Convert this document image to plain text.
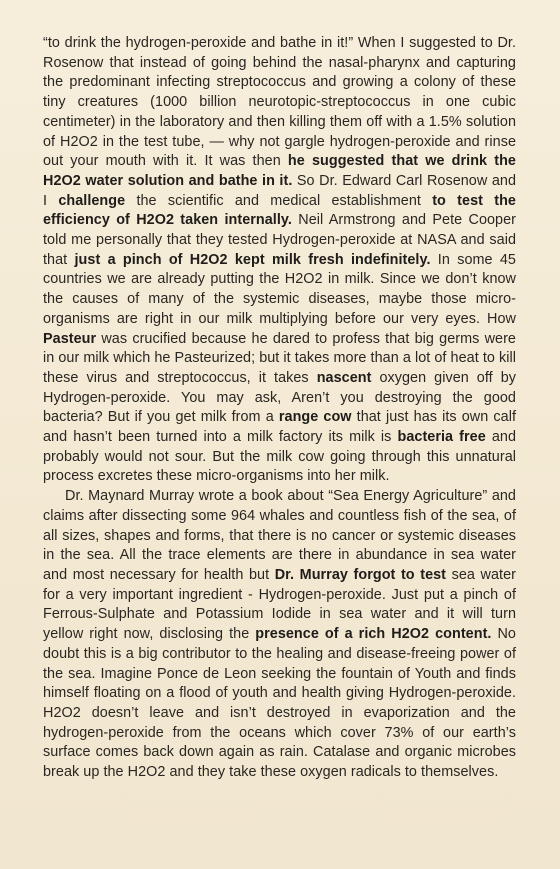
“to drink the hydrogen-peroxide and bathe in it!” When I suggested to Dr. Rosenow that instead of going behind the nasal-pharynx and capturing the predominant infecting streptococcus and growing a colony of these tiny creatures (1000 billion neurotopic-streptococcus in one cubic centimeter) in the laboratory and then killing them off with a 1.5% solution of H2O2 in the test tube, — why not gargle hydrogen-peroxide and rinse out your mouth with it. It was then he suggested that we drink the H2O2 water solution and bathe in it. So Dr. Edward Carl Rosenow and I challenge the scientific and medical establishment to test the efficiency of H2O2 taken internally. Neil Armstrong and Pete Cooper told me personally that they tested Hydrogen-peroxide at NASA and said that just a pinch of H2O2 kept milk fresh indefinitely. In some 45 countries we are already putting the H2O2 in milk. Since we don’t know the causes of many of the systemic diseases, maybe those micro-organisms are right in our milk multiplying before our very eyes. How Pasteur was crucified because he dared to profess that big germs were in our milk which he Pasteurized; but it takes more than a lot of heat to kill these virus and streptococcus, it takes nascent oxygen given off by Hydrogen-peroxide. You may ask, Aren’t you destroying the good bacteria? But if you get milk from a range cow that just has its own calf and hasn’t been turned into a milk factory its milk is bacteria free and probably would not sour. But the milk cow going through this unnatural process excretes these micro-organisms into her milk.

Dr. Maynard Murray wrote a book about “Sea Energy Agriculture” and claims after dissecting some 964 whales and countless fish of the sea, of all sizes, shapes and forms, that there is no cancer or systemic diseases in the sea. All the trace elements are there in abundance in sea water and most necessary for health but Dr. Murray forgot to test sea water for a very important ingredient - Hydrogen-peroxide. Just put a pinch of Ferrous-Sulphate and Potassium Iodide in sea water and it will turn yellow right now, disclosing the presence of a rich H2O2 content. No doubt this is a big contributor to the healing and disease-freeing power of the sea. Imagine Ponce de Leon seeking the fountain of Youth and finds himself floating on a flood of youth and health giving Hydrogen-peroxide. H2O2 doesn’t leave and isn’t destroyed in evaporization and the hydrogen-peroxide from the oceans which cover 73% of our earth’s surface comes back down again as rain. Catalase and organic microbes break up the H2O2 and they take these oxygen radicals to themselves.
